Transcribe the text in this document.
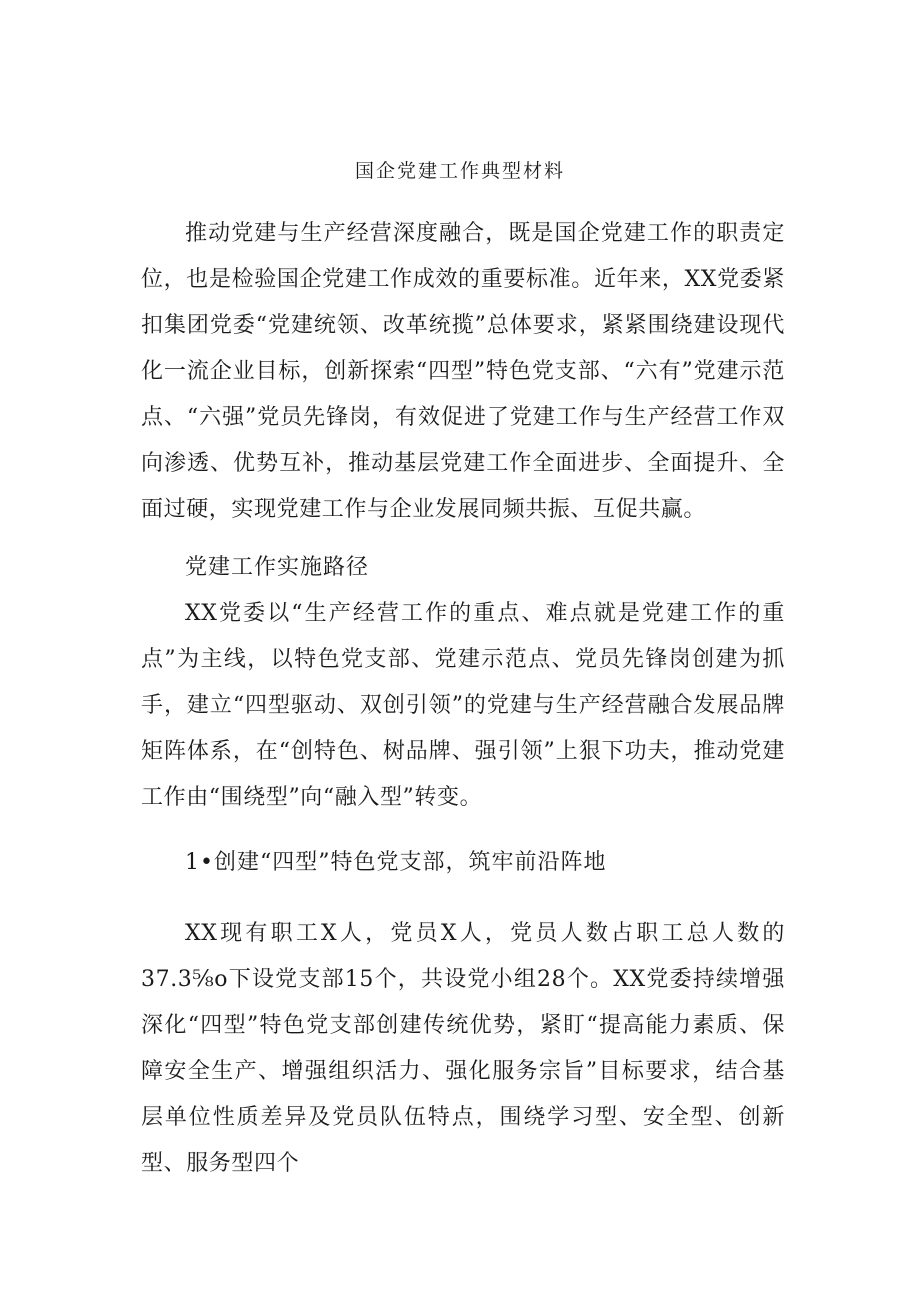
国企党建工作典型材料
推动党建与生产经营深度融合，既是国企党建工作的职责定位，也是检验国企党建工作成效的重要标准。近年来，XX党委紧扣集团党委“党建统领、改革统揽”总体要求，紧紧围绕建设现代化一流企业目标，创新探索“四型”特色党支部、“六有”党建示范点、“六强”党员先锋岗，有效促进了党建工作与生产经营工作双向渗透、优势互补，推动基层党建工作全面进步、全面提升、全面过硬，实现党建工作与企业发展同频共振、互促共赢。
党建工作实施路径
XX党委以“生产经营工作的重点、难点就是党建工作的重点”为主线，以特色党支部、党建示范点、党员先锋岗创建为抓手，建立“四型驱动、双创引领”的党建与生产经营融合发展品牌矩阵体系，在“创特色、树品牌、强引领”上狠下功夫，推动党建工作由“围绕型”向“融入型”转变。
1•创建“四型”特色党支部，筑牢前沿阵地
XX现有职工X人，党员X人，党员人数占职工总人数的37.3⅝o下设党支部15个，共设党小组28个。XX党委持续增强深化“四型”特色党支部创建传统优势，紧盯“提高能力素质、保障安全生产、增强组织活力、强化服务宗旨”目标要求，结合基层单位性质差异及党员队伍特点，围绕学习型、安全型、创新型、服务型四个
